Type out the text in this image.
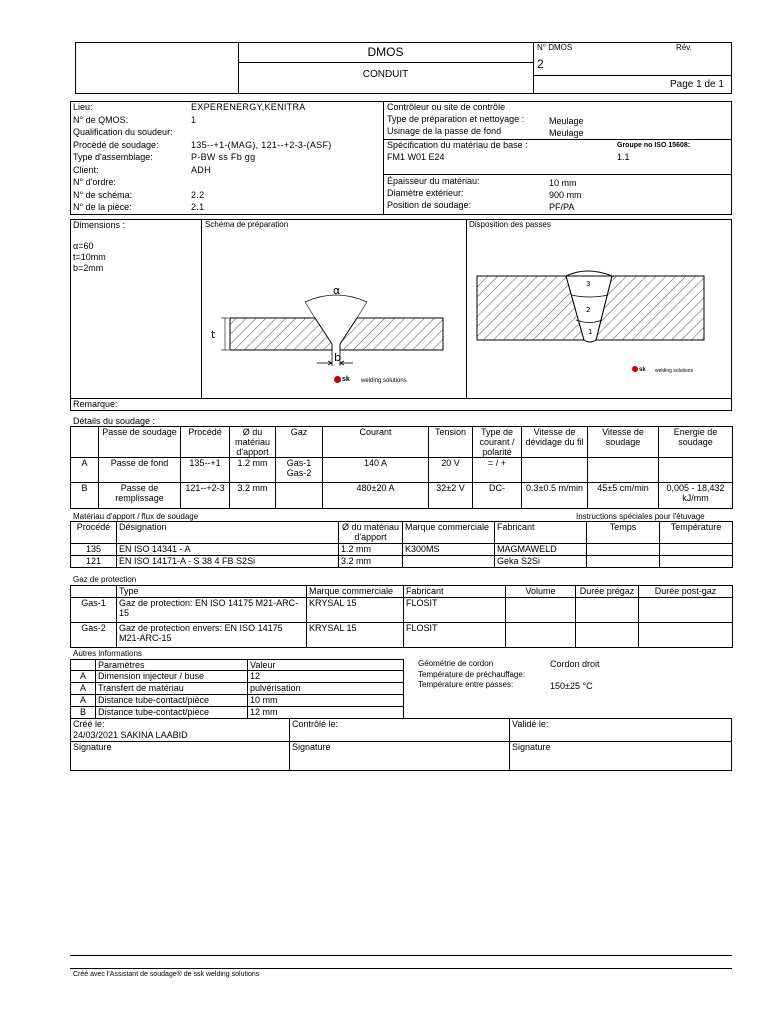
DMOS
CONDUIT
N° DMOS	Rév.
2
Page 1 de 1
Lieu:	EXPERENERGY,KENITRA
N° de QMOS:	1
Qualification du soudeur:
Procédé de soudage:	135--+1-(MAG), 121--+2-3-(ASF)
Type d'assemblage:	P-BW ss Fb gg
Client:	ADH
N° d'ordre:
N° de schéma:	2.2
N° de la pièce:	2.1
Contrôleur ou site de contrôle
Type de préparation et nettoyage :	Meulage
Usinage de la passe de fond	Meulage
Épaisseur du matériau:	10 mm
Diamètre extérieur:	900 mm
Position de soudage:	PF/PA
Spécification du matériau de base :
FM1 W01 E24
Groupe no ISO 15608:
1.1
Dimensions :
α=60
t=10mm
b=2mm
Schéma de préparation	Disposition des passes
Remarque:
α
t
b
sk welding solutions
3
2
1
sk welding solutions
Détails du soudage :
	Passe de soudage	Procédé	Ø du matériau d'apport	Gaz	Courant	Tension	Type de courant / polarité	Vitesse de dévidage du fil	Vitesse de soudage	Energie de soudage
A	Passe de fond	135--+1	1.2 mm	Gas-1 Gas-2	140 A	20 V	= / +			
B	Passe de remplissage	121--+2-3	3.2 mm		480±20 A	32±2 V	DC-	0.3±0.5 m/min	45±5 cm/min	0,005 - 18,432 kJ/mm
Matériau d'apport / flux de soudage	Instructions spéciales pour l'étuvage
Procédé	Désignation	Ø du matériau d'apport	Marque commerciale	Fabricant	Temps	Température
135	EN ISO 14341 - A	1.2 mm	K300MS	MAGMAWELD		
121	EN ISO 14171-A - S 38 4 FB S2Si	3.2 mm		Geka S2Si		
Gaz de protection
	Type	Marque commerciale	Fabricant	Volume	Durée prégaz	Durée post-gaz
Gas-1	Gaz de protection: EN ISO 14175 M21-ARC-15	KRYSAL 15	FLOSIT			
Gas-2	Gaz de protection envers: EN ISO 14175 M21-ARC-15	KRYSAL 15	FLOSIT			
Autres informations
	Paramètres	Valeur
A	Dimension injecteur / buse	12
A	Transfert de matériau	pulvérisation
A	Distance tube-contact/pièce	10 mm
B	Distance tube-contact/pièce	12 mm
Géométrie de cordon	Cordon droit
Température de préchauffage:
Température entre passes:	150±25 °C
Créé le:
24/03/2021 SAKINA LAABID
Contrôlé le:	Validé le:
Signature	Signature	Signature
Créé avec l'Assistant de soudage® de ssk welding solutions
